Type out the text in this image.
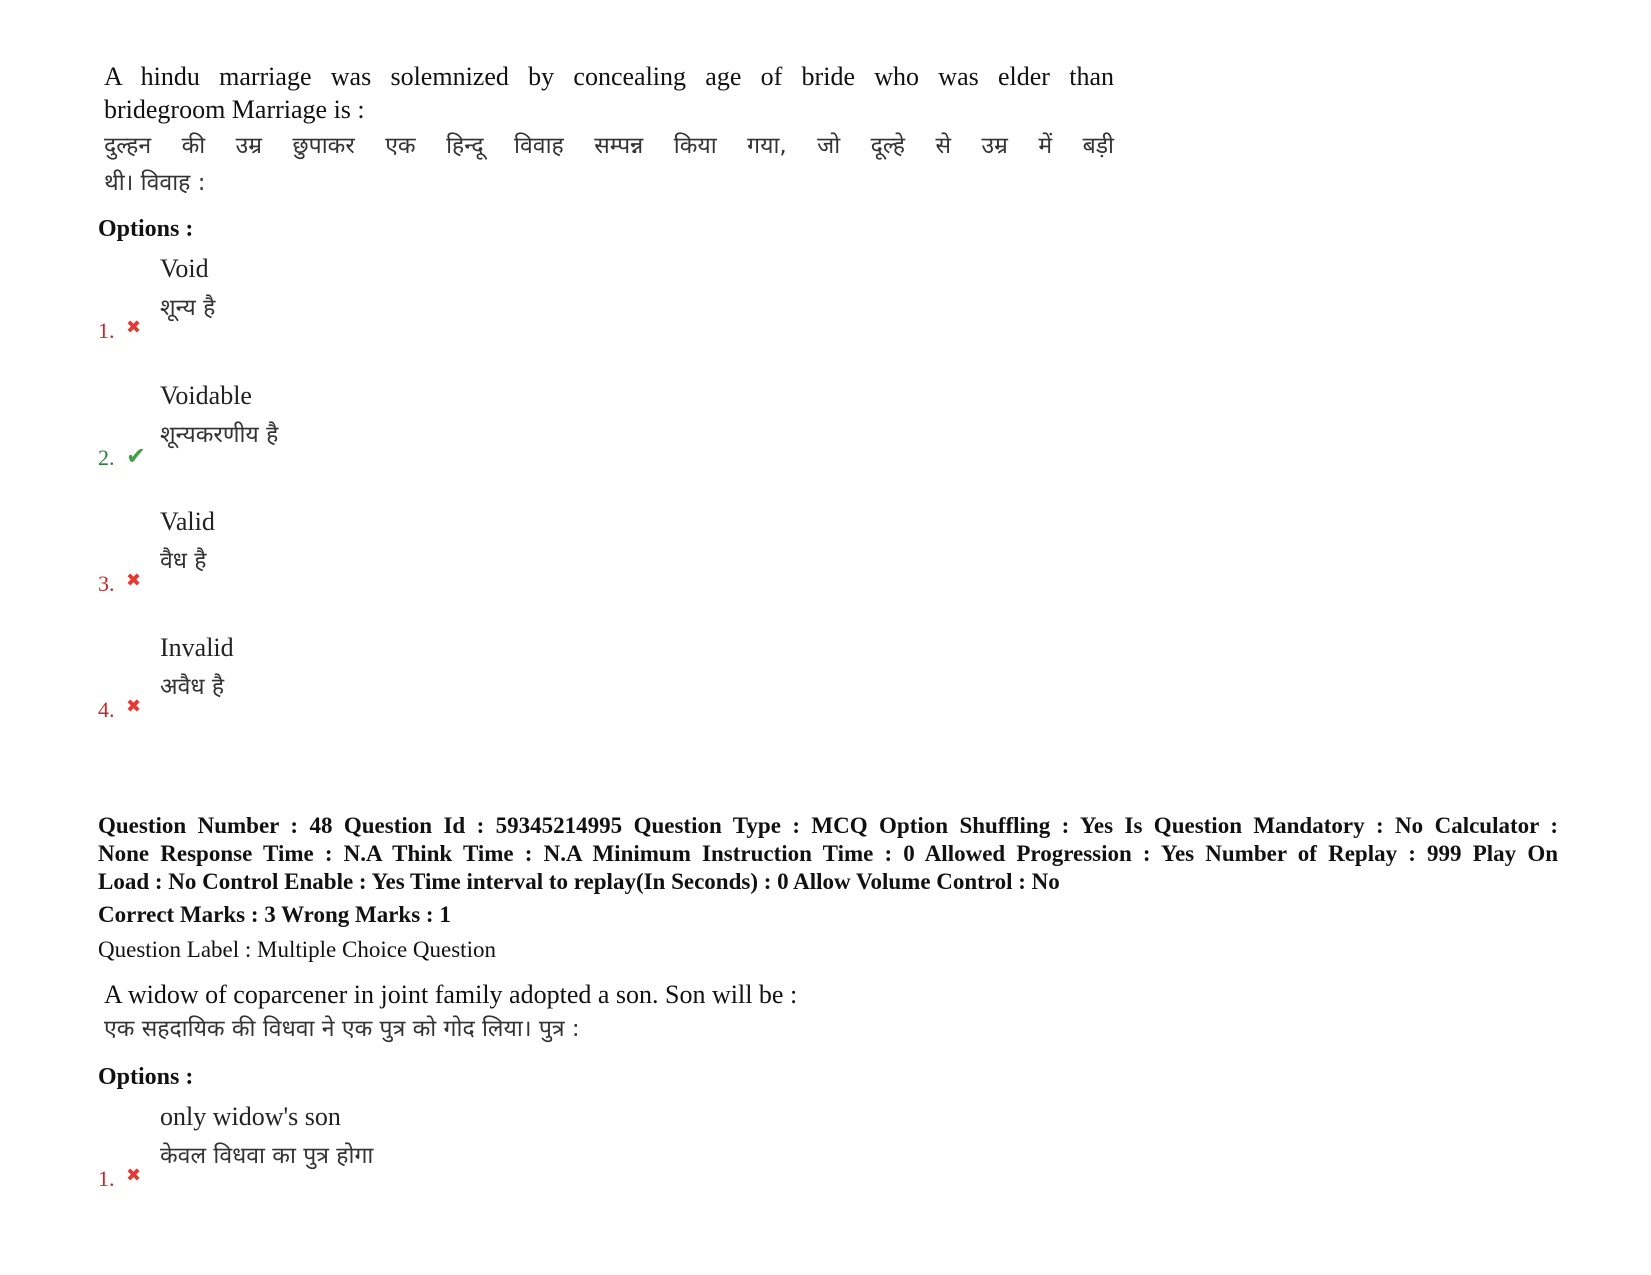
A hindu marriage was solemnized by concealing age of bride who was elder than
bridegroom Marriage is :
दुल्हन की उम्र छुपाकर एक हिन्दू विवाह सम्पन्न किया गया, जो दूल्हे से उम्र में बड़ी
थी। विवाह :
Options :
1. ✖
Void
शून्य है
2. ✔
Voidable
शून्यकरणीय है
3. ✖
Valid
वैध है
4. ✖
Invalid
अवैध है
Question Number : 48 Question Id : 59345214995 Question Type : MCQ Option Shuffling : Yes Is Question Mandatory : No Calculator :
None Response Time : N.A Think Time : N.A Minimum Instruction Time : 0 Allowed Progression : Yes Number of Replay : 999 Play On
Load : No Control Enable : Yes Time interval to replay(In Seconds) : 0 Allow Volume Control : No
Correct Marks : 3 Wrong Marks : 1
Question Label : Multiple Choice Question
A widow of coparcener in joint family adopted a son. Son will be :
एक सहदायिक की विधवा ने एक पुत्र को गोद लिया। पुत्र :
Options :
1. ✖
only widow's son
केवल विधवा का पुत्र होगा
